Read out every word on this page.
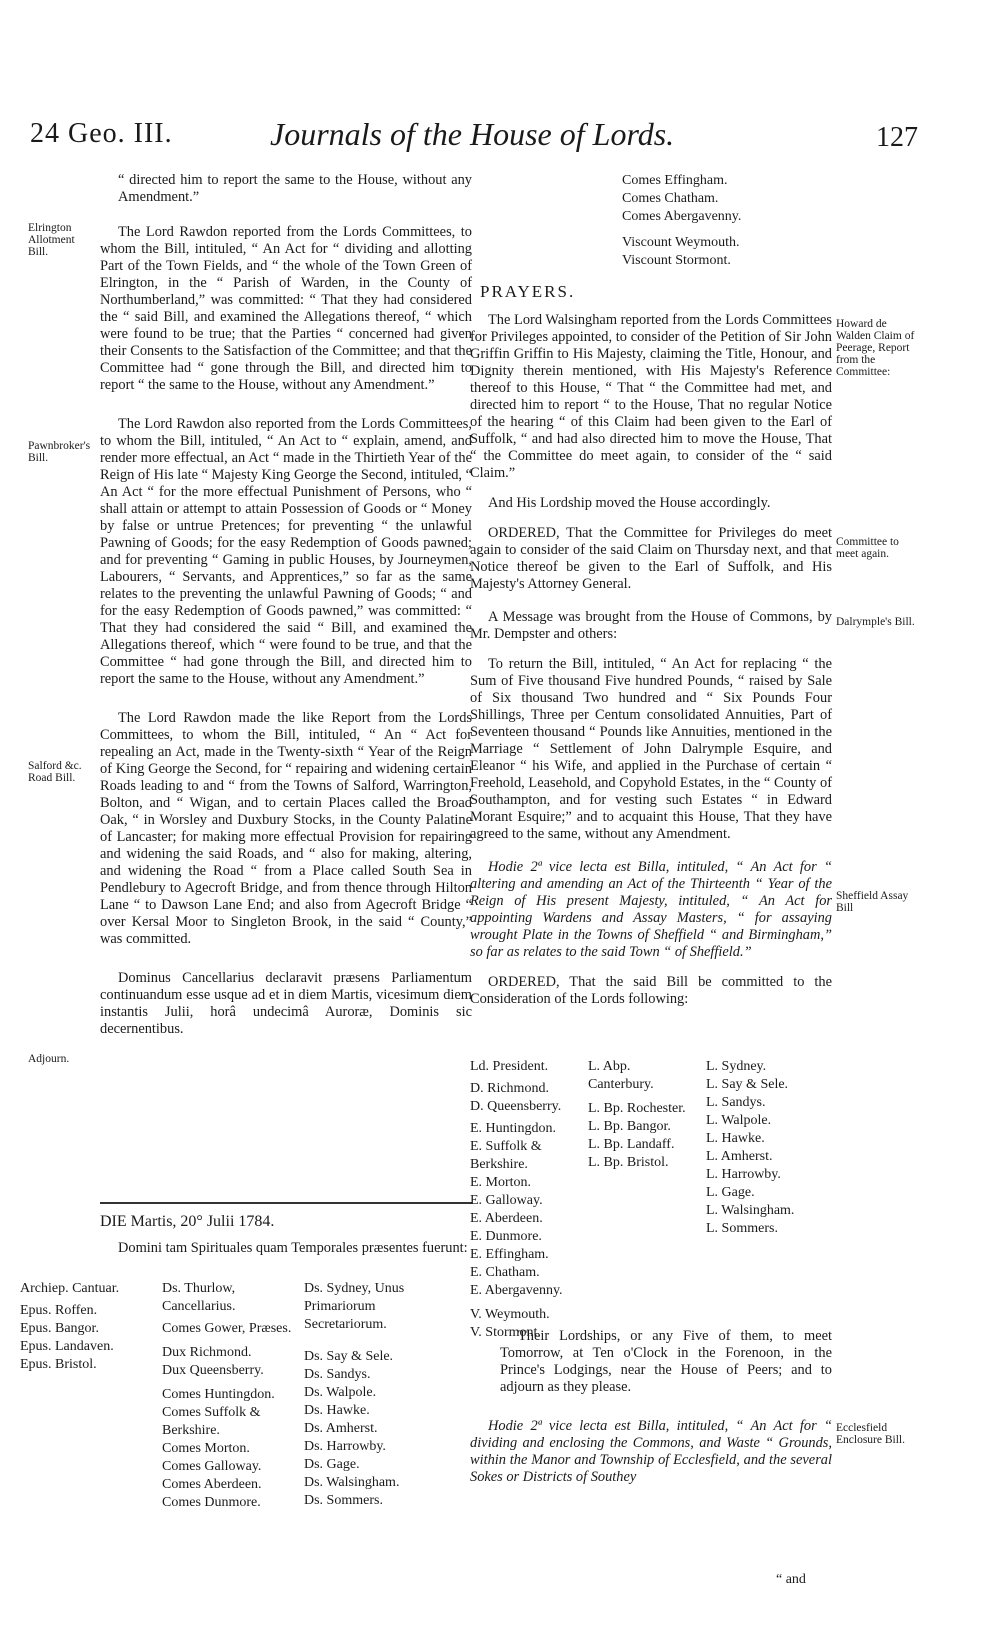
24 Geo. III.	Journals of the House of Lords.	127
Elrington Allotment Bill.
Pawnbroker's Bill.
Salford &c. Road Bill.
Adjourn.

“ directed him to report the same to the House, without any Amendment.”

The Lord Rawdon reported from the Lords Committees, to whom the Bill, intituled, “ An Act for “ dividing and allotting Part of the Town Fields, and “ the whole of the Town Green of Elrington, in the “ Parish of Warden, in the County of Northumberland,” was committed: “ That they had considered the “ said Bill, and examined the Allegations thereof, “ which were found to be true; that the Parties “ concerned had given their Consents to the Satisfaction of the Committee; and that the Committee had “ gone through the Bill, and directed him to report “ the same to the House, without any Amendment.”

The Lord Rawdon also reported from the Lords Committees, to whom the Bill, intituled, “ An Act to “ explain, amend, and render more effectual, an Act “ made in the Thirtieth Year of the Reign of His late “ Majesty King George the Second, intituled, “ An Act “ for the more effectual Punishment of Persons, who “ shall attain or attempt to attain Possession of Goods or “ Money by false or untrue Pretences; for preventing “ the unlawful Pawning of Goods; for the easy Redemption of Goods pawned; and for preventing “ Gaming in public Houses, by Journeymen, Labourers, “ Servants, and Apprentices,” so far as the same relates to the preventing the unlawful Pawning of Goods; “ and for the easy Redemption of Goods pawned,” was committed: “ That they had considered the said “ Bill, and examined the Allegations thereof, which “ were found to be true, and that the Committee “ had gone through the Bill, and directed him to report the same to the House, without any Amendment.”

The Lord Rawdon made the like Report from the Lords Committees, to whom the Bill, intituled, “ An “ Act for repealing an Act, made in the Twenty-sixth “ Year of the Reign of King George the Second, for “ repairing and widening certain Roads leading to and “ from the Towns of Salford, Warrington, Bolton, and “ Wigan, and to certain Places called the Broad Oak, “ in Worsley and Duxbury Stocks, in the County Palatine of Lancaster; for making more effectual Provision for repairing and widening the said Roads, and “ also for making, altering, and widening the Road “ from a Place called South Sea in Pendlebury to Agecroft Bridge, and from thence through Hilton Lane “ to Dawson Lane End; and also from Agecroft Bridge “ over Kersal Moor to Singleton Brook, in the said “ County,” was committed.

Dominus Cancellarius declaravit præsens Parliamentum continuandum esse usque ad et in diem Martis, vicesimum diem instantis Julii, horâ undecimâ Auroræ, Dominis sic decernentibus.

DIE Martis, 20° Julii 1784.
Domini tam Spirituales quam Temporales præsentes fuerunt:
Archiep. Cantuar.
Epus. Roffen.
Epus. Bangor.
Epus. Landaven.
Epus. Bristol.
Ds. Thurlow, Cancellarius.
Comes Gower, Præses.
Dux Richmond.
Dux Queensberry.
Comes Huntingdon.
Comes Suffolk & Berkshire.
Comes Morton.
Comes Galloway.
Comes Aberdeen.
Comes Dunmore.
Ds. Sydney, Unus Primariorum Secretariorum.
Ds. Say & Sele.
Ds. Sandys.
Ds. Walpole.
Ds. Hawke.
Ds. Amherst.
Ds. Harrowby.
Ds. Gage.
Ds. Walsingham.
Ds. Sommers.
Comes Effingham.
Comes Chatham.
Comes Abergavenny.
Viscount Weymouth.
Viscount Stormont.
PRAYERS.
Howard de Walden Claim of Peerage, Report from the Committee:
Committee to meet again.
Dalrymple's Bill.
Sheffield Assay Bill
Ecclesfield Enclosure Bill.

The Lord Walsingham reported from the Lords Committees for Privileges appointed, to consider of the Petition of Sir John Griffin Griffin to His Majesty, claiming the Title, Honour, and Dignity therein mentioned, with His Majesty's Reference thereof to this House, “ That “ the Committee had met, and directed him to report “ to the House, That no regular Notice of the hearing “ of this Claim had been given to the Earl of Suffolk, “ and had also directed him to move the House, That “ the Committee do meet again, to consider of the “ said Claim.”

And His Lordship moved the House accordingly.

ORDERED, That the Committee for Privileges do meet again to consider of the said Claim on Thursday next, and that Notice thereof be given to the Earl of Suffolk, and His Majesty's Attorney General.

A Message was brought from the House of Commons, by Mr. Dempster and others:

To return the Bill, intituled, “ An Act for replacing “ the Sum of Five thousand Five hundred Pounds, “ raised by Sale of Six thousand Two hundred and “ Six Pounds Four Shillings, Three per Centum consolidated Annuities, Part of Seventeen thousand “ Pounds like Annuities, mentioned in the Marriage “ Settlement of John Dalrymple Esquire, and Eleanor “ his Wife, and applied in the Purchase of certain “ Freehold, Leasehold, and Copyhold Estates, in the “ County of Southampton, and for vesting such Estates “ in Edward Morant Esquire;” and to acquaint this House, That they have agreed to the same, without any Amendment.

Hodie 2ª vice lecta est Billa, intituled, “ An Act for “ altering and amending an Act of the Thirteenth “ Year of the Reign of His present Majesty, intituled, “ An Act for appointing Wardens and Assay Masters, “ for assaying wrought Plate in the Towns of Sheffield “ and Birmingham,” so far as relates to the said Town “ of Sheffield.”

ORDERED, That the said Bill be committed to the Consideration of the Lords following:

Ld. President.
D. Richmond.
D. Queensberry.
E. Huntingdon.
E. Suffolk & Berkshire.
E. Morton.
E. Galloway.
E. Aberdeen.
E. Dunmore.
E. Effingham.
E. Chatham.
E. Abergavenny.
V. Weymouth.
V. Stormont.
L. Abp. Canterbury.
L. Bp. Rochester.
L. Bp. Bangor.
L. Bp. Landaff.
L. Bp. Bristol.
L. Sydney.
L. Say & Sele.
L. Sandys.
L. Walpole.
L. Hawke.
L. Amherst.
L. Harrowby.
L. Gage.
L. Walsingham.
L. Sommers.

Their Lordships, or any Five of them, to meet Tomorrow, at Ten o'Clock in the Forenoon, in the Prince's Lodgings, near the House of Peers; and to adjourn as they please.

Hodie 2ª vice lecta est Billa, intituled, “ An Act for “ dividing and enclosing the Commons, and Waste “ Grounds, within the Manor and Township of Ecclesfield, and the several Sokes or Districts of Southey

“ and
